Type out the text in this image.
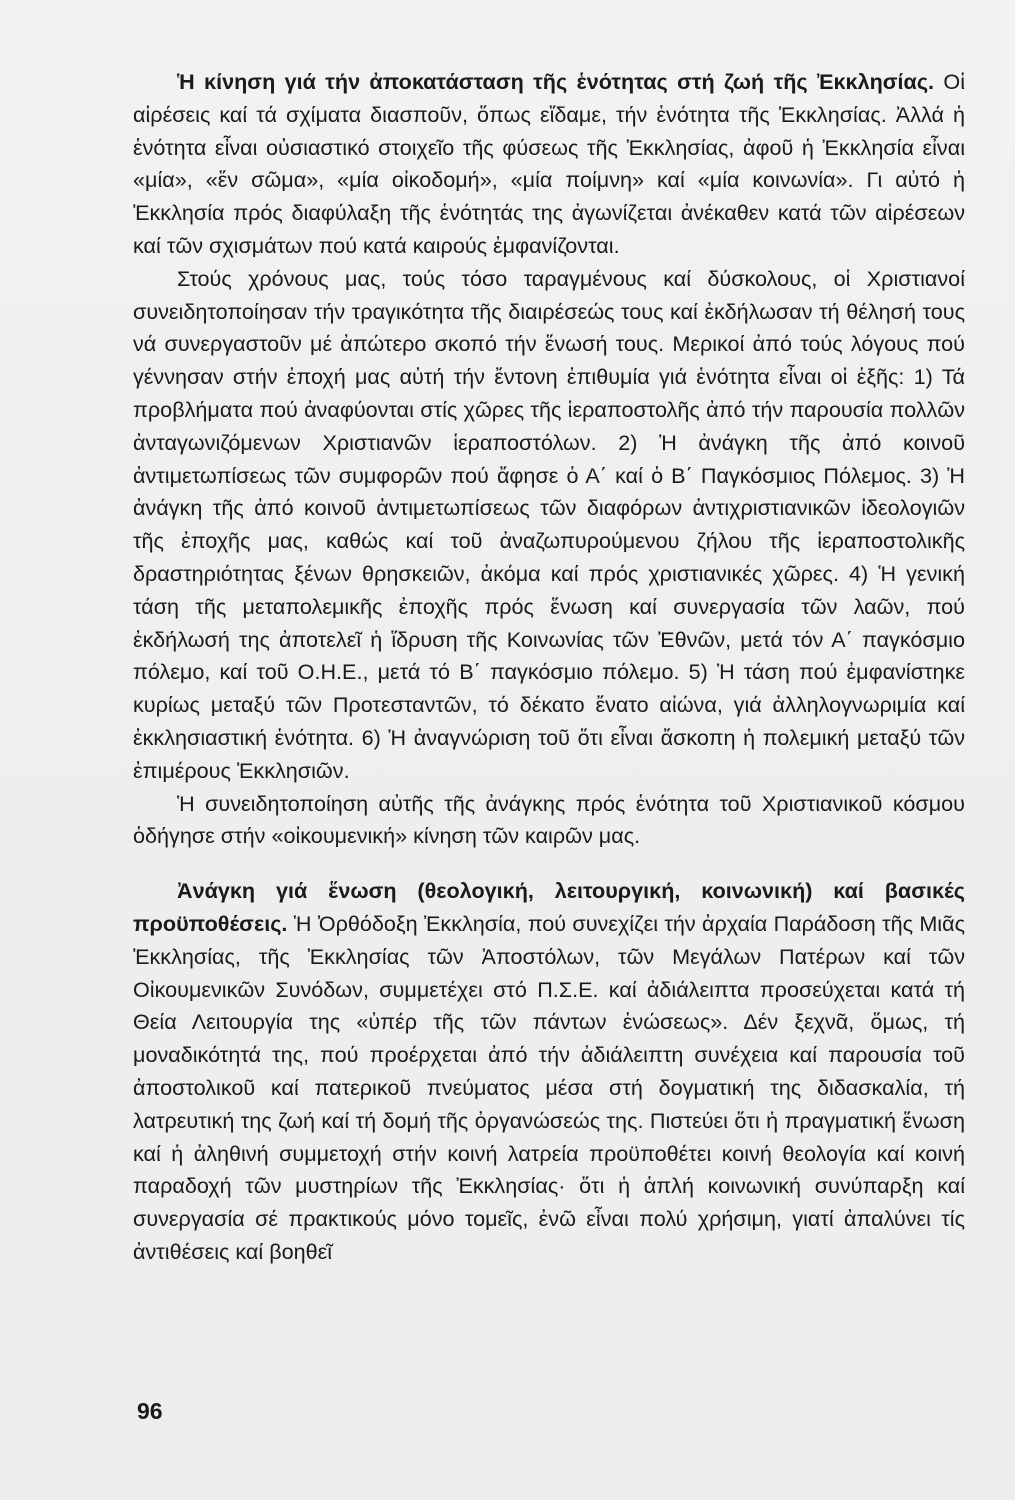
Ἡ κίνηση γιά τήν ἀποκατάσταση τῆς ἑνότητας στή ζωή τῆς Ἐκκλησίας. Οἱ αἱρέσεις καί τά σχίματα διασποῦν, ὅπως εἴδαμε, τήν ἑνότητα τῆς Ἐκκλησίας. Ἀλλά ἡ ἑνότητα εἶναι οὐσιαστικό στοιχεῖο τῆς φύσεως τῆς Ἐκκλησίας, ἀφοῦ ἡ Ἐκκλησία εἶναι «μία», «ἕν σῶμα», «μία οἰκοδομή», «μία ποίμνη» καί «μία κοινωνία». Γι αὐτό ἡ Ἐκκλησία πρός διαφύλαξη τῆς ἑνότητάς της ἀγωνίζεται ἀνέκαθεν κατά τῶν αἱρέσεων καί τῶν σχισμάτων πού κατά καιρούς ἐμφανίζονται.

Στούς χρόνους μας, τούς τόσο ταραγμένους καί δύσκολους, οἱ Χριστιανοί συνειδητοποίησαν τήν τραγικότητα τῆς διαιρέσεώς τους καί ἐκδήλωσαν τή θέλησή τους νά συνεργαστοῦν μέ ἀπώτερο σκοπό τήν ἕνωσή τους. Μερικοί ἀπό τούς λόγους πού γέννησαν στήν ἐποχή μας αὐτή τήν ἔντονη ἐπιθυμία γιά ἑνότητα εἶναι οἱ ἑξῆς: 1) Τά προβλήματα πού ἀναφύονται στίς χῶρες τῆς ἱεραποστολῆς ἀπό τήν παρουσία πολλῶν ἀνταγωνιζόμενων Χριστιανῶν ἱεραποστόλων. 2) Ἡ ἀνάγκη τῆς ἀπό κοινοῦ ἀντιμετωπίσεως τῶν συμφορῶν πού ἄφησε ὁ Α΄ καί ὁ Β΄ Παγκόσμιος Πόλεμος. 3) Ἡ ἀνάγκη τῆς ἀπό κοινοῦ ἀντιμετωπίσεως τῶν διαφόρων ἀντιχριστιανικῶν ἰδεολογιῶν τῆς ἐποχῆς μας, καθώς καί τοῦ ἀναζωπυρούμενου ζήλου τῆς ἱεραποστολικῆς δραστηριότητας ξένων θρησκειῶν, ἀκόμα καί πρός χριστιανικές χῶρες. 4) Ἡ γενική τάση τῆς μεταπολεμικῆς ἐποχῆς πρός ἕνωση καί συνεργασία τῶν λαῶν, πού ἐκδήλωσή της ἀποτελεῖ ἡ ἵδρυση τῆς Κοινωνίας τῶν Ἐθνῶν, μετά τόν Α΄ παγκόσμιο πόλεμο, καί τοῦ Ο.Η.Ε., μετά τό Β΄ παγκόσμιο πόλεμο. 5) Ἡ τάση πού ἐμφανίστηκε κυρίως μεταξύ τῶν Προτεσταντῶν, τό δέκατο ἔνατο αἰώνα, γιά ἀλληλογνωριμία καί ἐκκλησιαστική ἑνότητα. 6) Ἡ ἀναγνώριση τοῦ ὅτι εἶναι ἄσκοπη ἡ πολεμική μεταξύ τῶν ἐπιμέρους Ἐκκλησιῶν.

Ἡ συνειδητοποίηση αὐτῆς τῆς ἀνάγκης πρός ἑνότητα τοῦ Χριστιανικοῦ κόσμου ὁδήγησε στήν «οἰκουμενική» κίνηση τῶν καιρῶν μας.

Ἀνάγκη γιά ἕνωση (θεολογική, λειτουργική, κοινωνική) καί βασικές προϋποθέσεις. Ἡ Ὀρθόδοξη Ἐκκλησία, πού συνεχίζει τήν ἀρχαία Παράδοση τῆς Μιᾶς Ἐκκλησίας, τῆς Ἐκκλησίας τῶν Ἀποστόλων, τῶν Μεγάλων Πατέρων καί τῶν Οἰκουμενικῶν Συνόδων, συμμετέχει στό Π.Σ.Ε. καί ἀδιάλειπτα προσεύχεται κατά τή Θεία Λειτουργία της «ὑπέρ τῆς τῶν πάντων ἑνώσεως». Δέν ξεχνᾶ, ὅμως, τή μοναδικότητά της, πού προέρχεται ἀπό τήν ἀδιάλειπτη συνέχεια καί παρουσία τοῦ ἀποστολικοῦ καί πατερικοῦ πνεύματος μέσα στή δογματική της διδασκαλία, τή λατρευτική της ζωή καί τή δομή τῆς ὀργανώσεώς της. Πιστεύει ὅτι ἡ πραγματική ἕνωση καί ἡ ἀληθινή συμμετοχή στήν κοινή λατρεία προϋποθέτει κοινή θεολογία καί κοινή παραδοχή τῶν μυστηρίων τῆς Ἐκκλησίας· ὅτι ἡ ἁπλή κοινωνική συνύπαρξη καί συνεργασία σέ πρακτικούς μόνο τομεῖς, ἐνῶ εἶναι πολύ χρήσιμη, γιατί ἀπαλύνει τίς ἀντιθέσεις καί βοηθεῖ

96
